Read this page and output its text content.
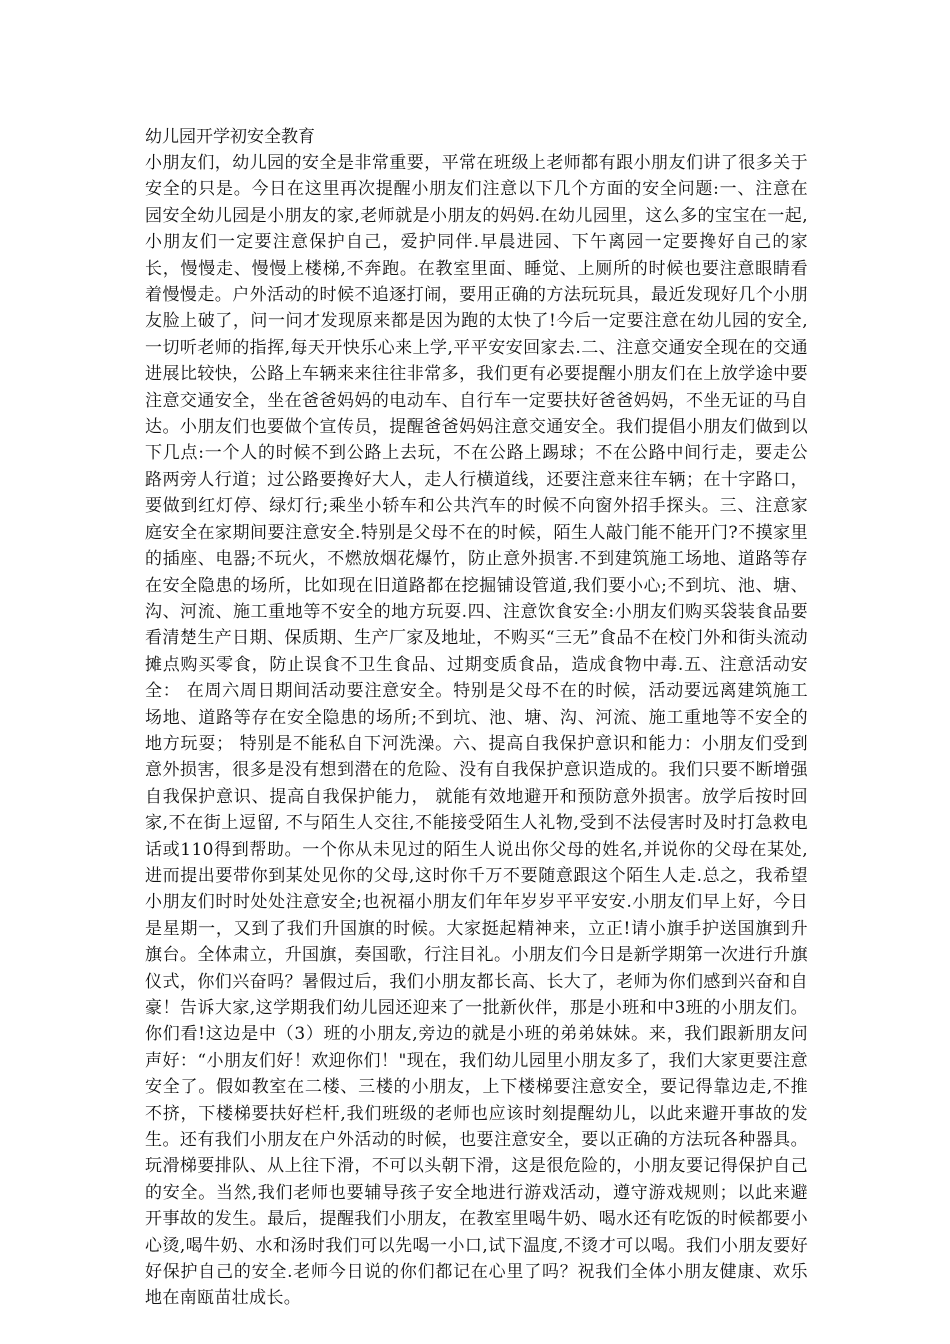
幼儿园开学初安全教育

小朋友们，幼儿园的安全是非常重要，平常在班级上老师都有跟小朋友们讲了很多关于安全的只是。今日在这里再次提醒小朋友们注意以下几个方面的安全问题:一、注意在园安全幼儿园是小朋友的家,老师就是小朋友的妈妈.在幼儿园里，这么多的宝宝在一起,小朋友们一定要注意保护自己，爱护同伴.早晨进园、下午离园一定要搀好自己的家长，慢慢走、慢慢上楼梯,不奔跑。在教室里面、睡觉、上厕所的时候也要注意眼睛看着慢慢走。户外活动的时候不追逐打闹，要用正确的方法玩玩具，最近发现好几个小朋友脸上破了，问一问才发现原来都是因为跑的太快了!今后一定要注意在幼儿园的安全,一切听老师的指挥,每天开快乐心来上学,平平安安回家去.二、注意交通安全现在的交通进展比较快，公路上车辆来来往往非常多，我们更有必要提醒小朋友们在上放学途中要注意交通安全，坐在爸爸妈妈的电动车、自行车一定要扶好爸爸妈妈，不坐无证的马自达。小朋友们也要做个宣传员，提醒爸爸妈妈注意交通安全。我们提倡小朋友们做到以下几点:一个人的时候不到公路上去玩，不在公路上踢球；不在公路中间行走，要走公路两旁人行道；过公路要搀好大人，走人行横道线，还要注意来往车辆；在十字路口，要做到红灯停、绿灯行;乘坐小轿车和公共汽车的时候不向窗外招手探头。三、注意家庭安全在家期间要注意安全.特别是父母不在的时候，陌生人敲门能不能开门?不摸家里的插座、电器;不玩火，不燃放烟花爆竹，防止意外损害.不到建筑施工场地、道路等存在安全隐患的场所，比如现在旧道路都在挖掘铺设管道,我们要小心;不到坑、池、塘、沟、河流、施工重地等不安全的地方玩耍.四、注意饮食安全:小朋友们购买袋装食品要看清楚生产日期、保质期、生产厂家及地址，不购买“三无”食品不在校门外和街头流动摊点购买零食，防止误食不卫生食品、过期变质食品，造成食物中毒.五、注意活动安全： 在周六周日期间活动要注意安全。特别是父母不在的时候，活动要远离建筑施工场地、道路等存在安全隐患的场所;不到坑、池、塘、沟、河流、施工重地等不安全的地方玩耍； 特别是不能私自下河洗澡。六、提高自我保护意识和能力：小朋友们受到意外损害，很多是没有想到潜在的危险、没有自我保护意识造成的。我们只要不断增强自我保护意识、提高自我保护能力， 就能有效地避开和预防意外损害。放学后按时回家,不在街上逗留, 不与陌生人交往,不能接受陌生人礼物,受到不法侵害时及时打急救电话或110得到帮助。一个你从未见过的陌生人说出你父母的姓名,并说你的父母在某处,进而提出要带你到某处见你的父母,这时你千万不要随意跟这个陌生人走.总之，我希望小朋友们时时处处注意安全;也祝福小朋友们年年岁岁平平安安.小朋友们早上好，今日是星期一，又到了我们升国旗的时候。大家挺起精神来，立正!请小旗手护送国旗到升旗台。全体肃立，升国旗，奏国歌，行注目礼。小朋友们今日是新学期第一次进行升旗仪式，你们兴奋吗？暑假过后，我们小朋友都长高、长大了，老师为你们感到兴奋和自豪！告诉大家,这学期我们幼儿园还迎来了一批新伙伴，那是小班和中3班的小朋友们。你们看!这边是中（3）班的小朋友,旁边的就是小班的弟弟妹妹。来，我们跟新朋友问声好：“小朋友们好！欢迎你们！"现在，我们幼儿园里小朋友多了，我们大家更要注意安全了。假如教室在二楼、三楼的小朋友，上下楼梯要注意安全，要记得靠边走,不推不挤，下楼梯要扶好栏杆,我们班级的老师也应该时刻提醒幼儿，以此来避开事故的发生。还有我们小朋友在户外活动的时候，也要注意安全，要以正确的方法玩各种器具。玩滑梯要排队、从上往下滑，不可以头朝下滑，这是很危险的，小朋友要记得保护自己的安全。当然,我们老师也要辅导孩子安全地进行游戏活动，遵守游戏规则；以此来避开事故的发生。最后，提醒我们小朋友，在教室里喝牛奶、喝水还有吃饭的时候都要小心烫,喝牛奶、水和汤时我们可以先喝一小口,试下温度,不烫才可以喝。我们小朋友要好好保护自己的安全.老师今日说的你们都记在心里了吗？祝我们全体小朋友健康、欢乐地在南瓯苗壮成长。
